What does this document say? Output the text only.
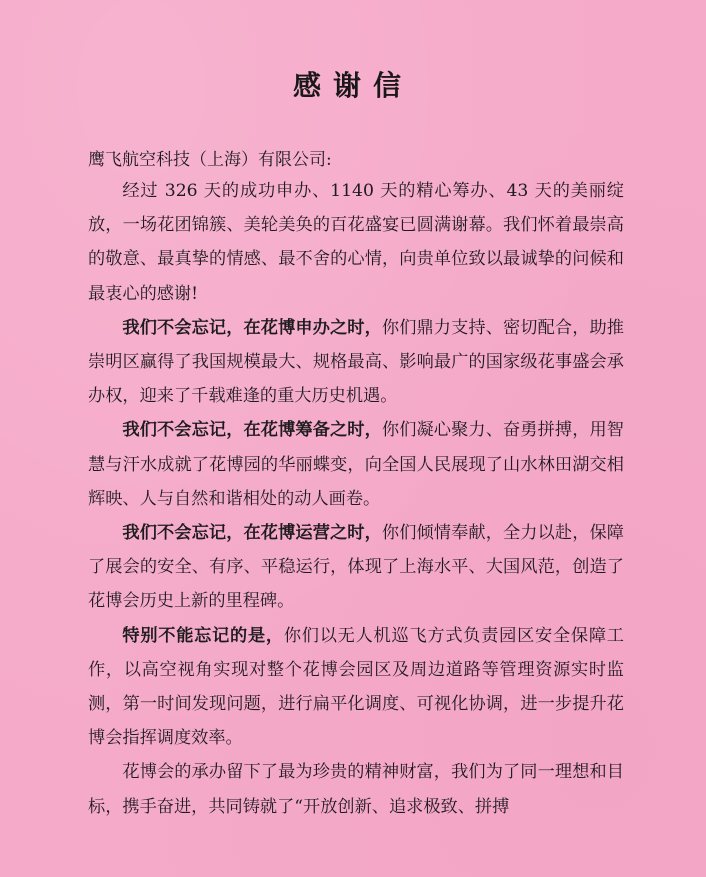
感谢信
鹰飞航空科技（上海）有限公司:

经过 326 天的成功申办、1140 天的精心筹办、43 天的美丽绽放，一场花团锦簇、美轮美奂的百花盛宴已圆满谢幕。我们怀着最崇高的敬意、最真挚的情感、最不舍的心情，向贵单位致以最诚挚的问候和最衷心的感谢!

我们不会忘记，在花博申办之时，你们鼎力支持、密切配合，助推崇明区赢得了我国规模最大、规格最高、影响最广的国家级花事盛会承办权，迎来了千载难逢的重大历史机遇。

我们不会忘记，在花博筹备之时，你们凝心聚力、奋勇拼搏，用智慧与汗水成就了花博园的华丽蝶变，向全国人民展现了山水林田湖交相辉映、人与自然和谐相处的动人画卷。

我们不会忘记，在花博运营之时，你们倾情奉献，全力以赴，保障了展会的安全、有序、平稳运行，体现了上海水平、大国风范，创造了花博会历史上新的里程碑。

特别不能忘记的是，你们以无人机巡飞方式负责园区安全保障工作，以高空视角实现对整个花博会园区及周边道路等管理资源实时监测，第一时间发现问题，进行扁平化调度、可视化协调，进一步提升花博会指挥调度效率。

花博会的承办留下了最为珍贵的精神财富，我们为了同一理想和目标，携手奋进，共同铸就了“开放创新、追求极致、拼搏
